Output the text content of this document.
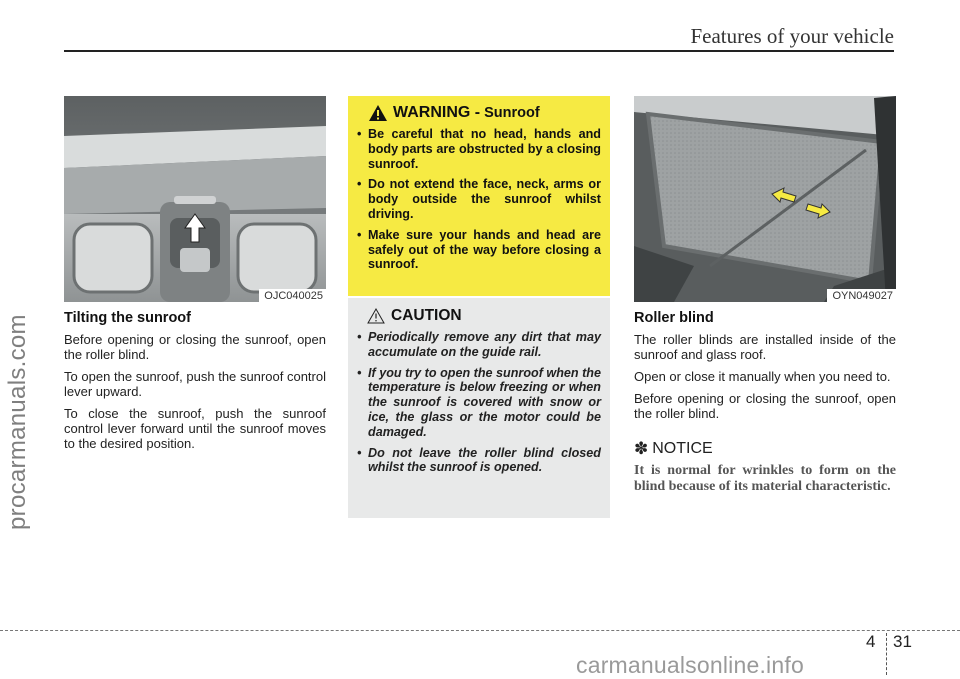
Features of your vehicle
procarmanuals.com
OJC040025
Tilting the sunroof

Before opening or closing the sunroof, open the roller blind.

To open the sunroof, push the sunroof control lever upward.

To close the sunroof, push the sunroof control lever forward until the sunroof moves to the desired position.

WARNING - Sunroof
• Be careful that no head, hands and body parts are obstructed by a closing sunroof.
• Do not extend the face, neck, arms or body outside the sunroof whilst driving.
• Make sure your hands and head are safely out of the way before closing a sunroof.
CAUTION
• Periodically remove any dirt that may accumulate on the guide rail.
• If you try to open the sunroof when the temperature is below freezing or when the sunroof is covered with snow or ice, the glass or the motor could be damaged.
• Do not leave the roller blind closed whilst the sunroof is opened.
OYN049027
Roller blind

The roller blinds are installed inside of the sunroof and glass roof.

Open or close it manually when you need to.

Before opening or closing the sunroof, open the roller blind.

✽ NOTICE

It is normal for wrinkles to form on the blind because of its material characteristic.

4 31
carmanualsonline.info
